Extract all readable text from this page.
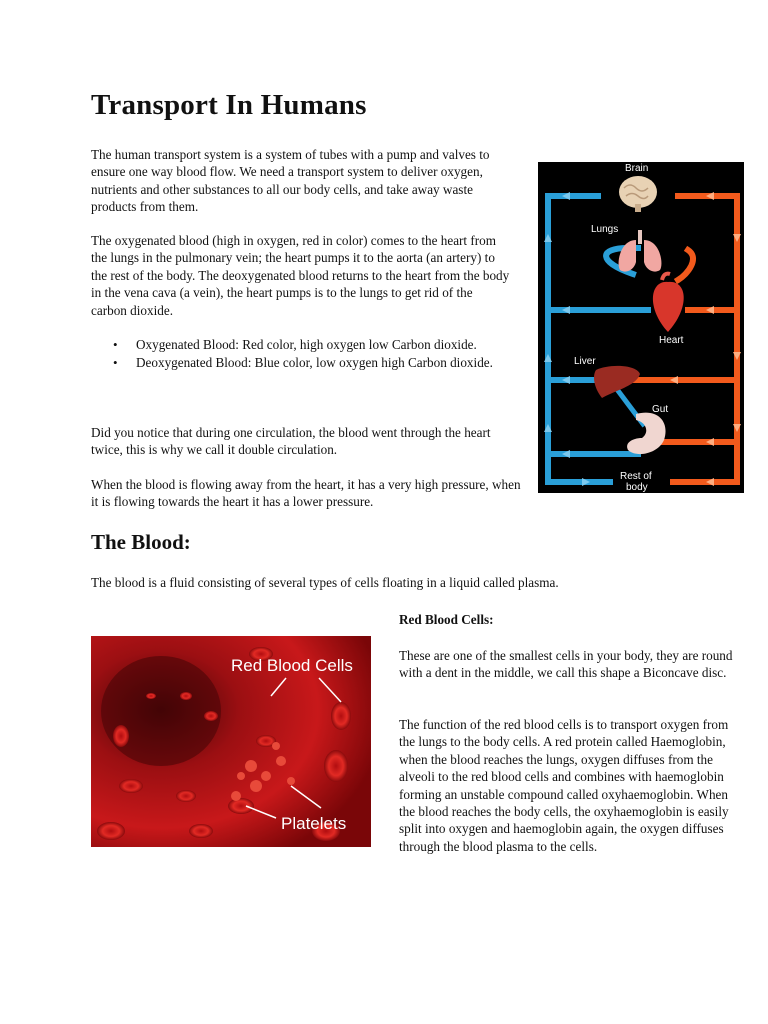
Transport In Humans

The human transport system is a system of tubes with a pump and valves to ensure one way blood flow. We need a transport system to deliver oxygen, nutrients and other substances to all our body cells, and take away waste products from them.

The oxygenated blood (high in oxygen, red in color) comes to the heart from the lungs in the pulmonary vein; the heart pumps it to the aorta (an artery) to the rest of the body. The deoxygenated blood returns to the heart from the body in the vena cava (a vein), the heart pumps is to the lungs to get rid of the carbon dioxide.

• Oxygenated Blood: Red color, high oxygen low Carbon dioxide.
• Deoxygenated Blood: Blue color, low oxygen high Carbon dioxide.

Did you notice that during one circulation, the blood went through the heart twice, this is why we call it double circulation.

When the blood is flowing away from the heart, it has a very high pressure, when it is flowing towards the heart it has a lower pressure.

Brain
Lungs
Heart
Liver
Gut
Rest of
body
The Blood:

The blood is a fluid consisting of several types of cells floating in a liquid called plasma.

Red Blood Cells
Platelets
Red Blood Cells:

These are one of the smallest cells in your body, they are round with a dent in the middle, we call this shape a Biconcave disc.

The function of the red blood cells is to transport oxygen from the lungs to the body cells. A red protein called Haemoglobin, when the blood reaches the lungs, oxygen diffuses from the alveoli to the red blood cells and combines with haemoglobin forming an unstable compound called oxyhaemoglobin. When the blood reaches the body cells, the oxyhaemoglobin is easily split into oxygen and haemoglobin again, the oxygen diffuses through the blood plasma to the cells.
